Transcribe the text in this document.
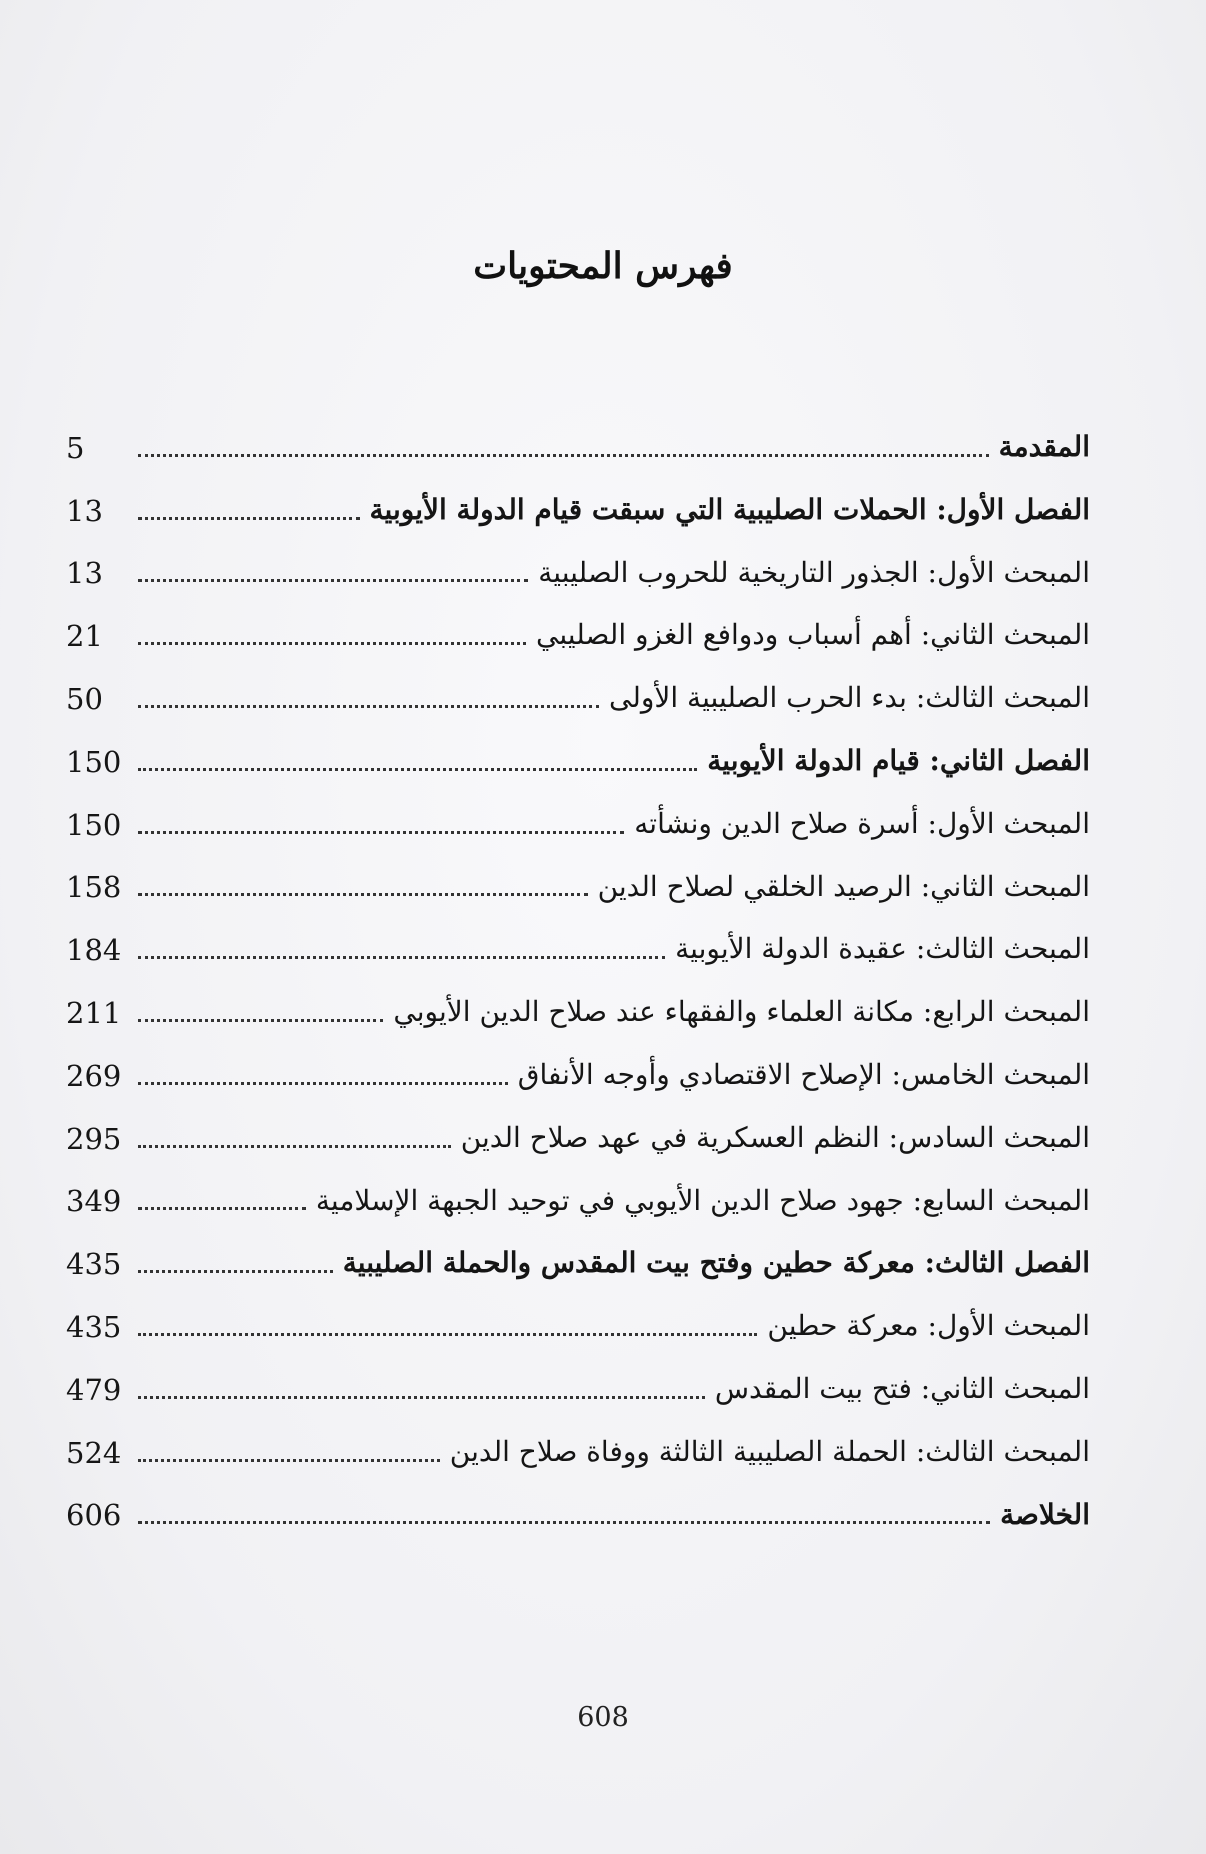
فهرس المحتويات
5	المقدمة
13	الفصل الأول: الحملات الصليبية التي سبقت قيام الدولة الأيوبية
13	المبحث الأول: الجذور التاريخية للحروب الصليبية
21	المبحث الثاني: أهم أسباب ودوافع الغزو الصليبي
50	المبحث الثالث: بدء الحرب الصليبية الأولى
150	الفصل الثاني: قيام الدولة الأيوبية
150	المبحث الأول: أسرة صلاح الدين ونشأته
158	المبحث الثاني: الرصيد الخلقي لصلاح الدين
184	المبحث الثالث: عقيدة الدولة الأيوبية
211	المبحث الرابع: مكانة العلماء والفقهاء عند صلاح الدين الأيوبي
269	المبحث الخامس: الإصلاح الاقتصادي وأوجه الأنفاق
295	المبحث السادس: النظم العسكرية في عهد صلاح الدين
349	المبحث السابع: جهود صلاح الدين الأيوبي في توحيد الجبهة الإسلامية
435	الفصل الثالث: معركة حطين وفتح بيت المقدس والحملة الصليبية
435	المبحث الأول: معركة حطين
479	المبحث الثاني: فتح بيت المقدس
524	المبحث الثالث: الحملة الصليبية الثالثة ووفاة صلاح الدين
606	الخلاصة
608
